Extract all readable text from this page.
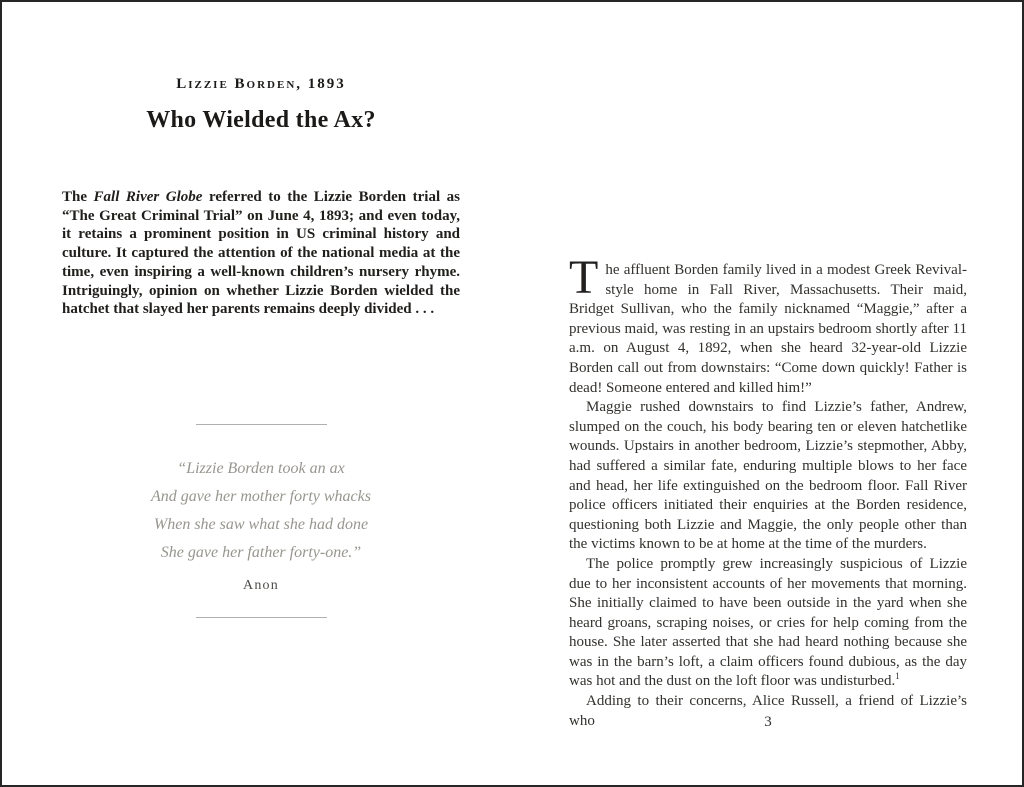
Lizzie Borden, 1893
Who Wielded the Ax?

The Fall River Globe referred to the Lizzie Borden trial as “The Great Criminal Trial” on June 4, 1893; and even today, it retains a prominent position in US criminal history and culture. It captured the attention of the national media at the time, even inspiring a well-known children’s nursery rhyme. Intriguingly, opinion on whether Lizzie Borden wielded the hatchet that slayed her parents remains deeply divided . . .

“Lizzie Borden took an ax
And gave her mother forty whacks
When she saw what she had done
She gave her father forty-one.”
Anon

The affluent Borden family lived in a modest Greek Revival-style home in Fall River, Massachusetts. Their maid, Bridget Sullivan, who the family nicknamed “Maggie,” after a previous maid, was resting in an upstairs bedroom shortly after 11 a.m. on August 4, 1892, when she heard 32-year-old Lizzie Borden call out from downstairs: “Come down quickly! Father is dead! Someone entered and killed him!”

Maggie rushed downstairs to find Lizzie’s father, Andrew, slumped on the couch, his body bearing ten or eleven hatchetlike wounds. Upstairs in another bedroom, Lizzie’s stepmother, Abby, had suffered a similar fate, enduring multiple blows to her face and head, her life extinguished on the bedroom floor. Fall River police officers initiated their enquiries at the Borden residence, questioning both Lizzie and Maggie, the only people other than the victims known to be at home at the time of the murders.

The police promptly grew increasingly suspicious of Lizzie due to her inconsistent accounts of her movements that morning. She initially claimed to have been outside in the yard when she heard groans, scraping noises, or cries for help coming from the house. She later asserted that she had heard nothing because she was in the barn’s loft, a claim officers found dubious, as the day was hot and the dust on the loft floor was undisturbed.$^1$

Adding to their concerns, Alice Russell, a friend of Lizzie’s who	3
